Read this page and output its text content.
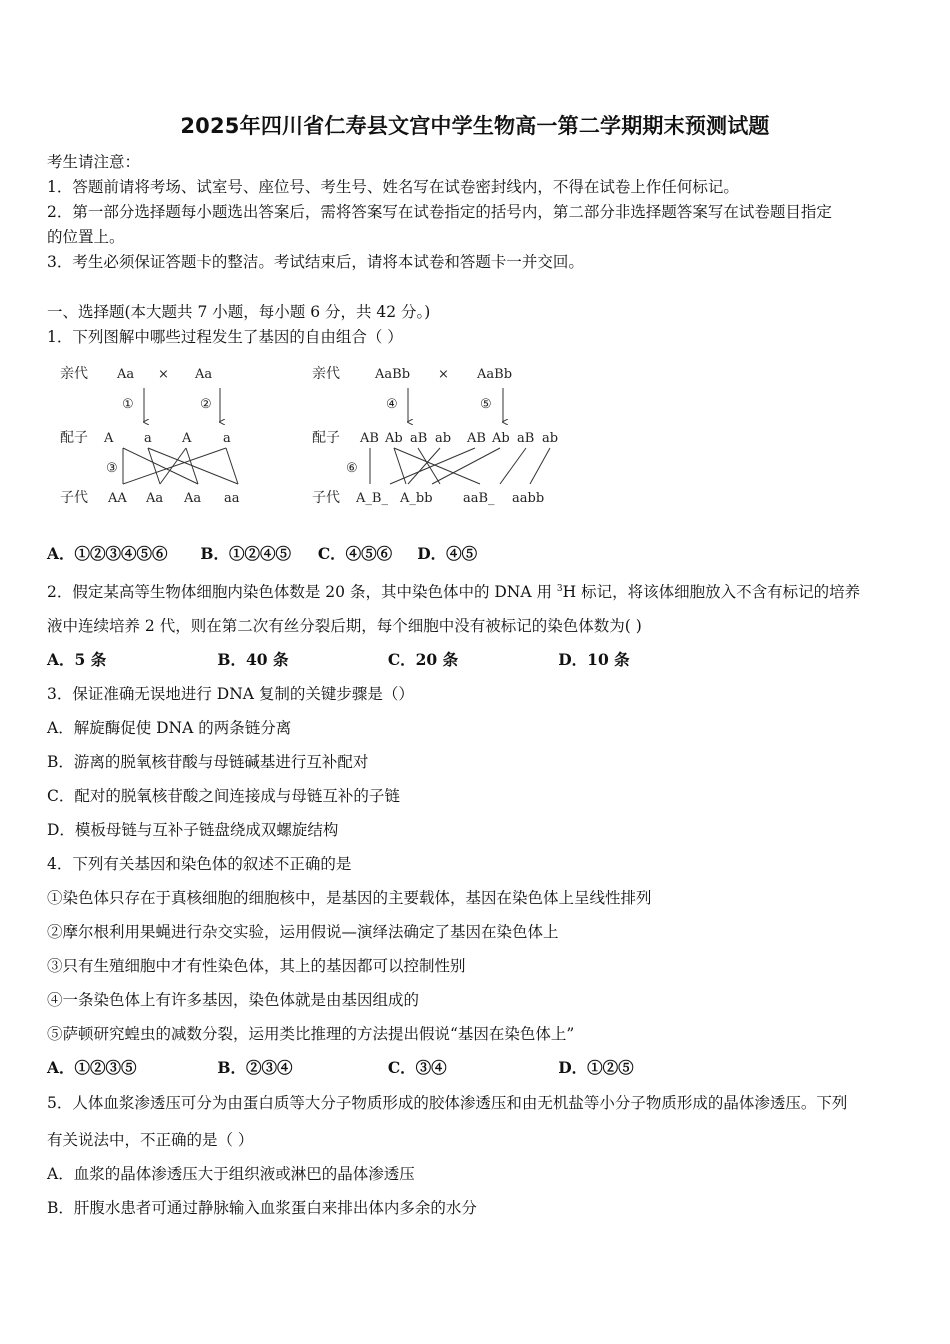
2025年四川省仁寿县文宫中学生物高一第二学期期末预测试题
考生请注意：
1．答题前请将考场、试室号、座位号、考生号、姓名写在试卷密封线内，不得在试卷上作任何标记。
2．第一部分选择题每小题选出答案后，需将答案写在试卷指定的括号内，第二部分非选择题答案写在试卷题目指定
的位置上。
3．考生必须保证答题卡的整洁。考试结束后，请将本试卷和答题卡一并交回。
一、选择题(本大题共 7 小题，每小题 6 分，共 42 分。)
1．下列图解中哪些过程发生了基因的自由组合（ ）
亲代 Aa × Aa
①	②
配子 A a A a
③
子代 AA Aa Aa aa
亲代	AaBb × AaBb
④	⑤
配子 AB Ab aB ab AB Ab aB ab
⑥
子代 A_B_ A_bb aaB_ aabb
A．①②③④⑤⑥ B．①②④⑤ C．④⑤⑥ D．④⑤
2．假定某高等生物体细胞内染色体数是 20 条，其中染色体中的 DNA 用 $^3$H 标记，将该体细胞放入不含有标记的培养
液中连续培养 2 代，则在第二次有丝分裂后期，每个细胞中没有被标记的染色体数为( )
A．5 条	B．40 条	C．20 条	D．10 条
3．保证准确无误地进行 DNA 复制的关键步骤是（）
A．解旋酶促使 DNA 的两条链分离
B．游离的脱氧核苷酸与母链碱基进行互补配对
C．配对的脱氧核苷酸之间连接成与母链互补的子链
D．模板母链与互补子链盘绕成双螺旋结构
4．下列有关基因和染色体的叙述不正确的是
①染色体只存在于真核细胞的细胞核中，是基因的主要载体，基因在染色体上呈线性排列
②摩尔根利用果蝇进行杂交实验，运用假说—演绎法确定了基因在染色体上
③只有生殖细胞中才有性染色体，其上的基因都可以控制性别
④一条染色体上有许多基因，染色体就是由基因组成的
⑤萨顿研究蝗虫的减数分裂，运用类比推理的方法提出假说“基因在染色体上”
A．①②③⑤	B．②③④	C．③④	D．①②⑤
5．人体血浆渗透压可分为由蛋白质等大分子物质形成的胶体渗透压和由无机盐等小分子物质形成的晶体渗透压。下列
有关说法中，不正确的是（ ）
A．血浆的晶体渗透压大于组织液或淋巴的晶体渗透压
B．肝腹水患者可通过静脉输入血浆蛋白来排出体内多余的水分
